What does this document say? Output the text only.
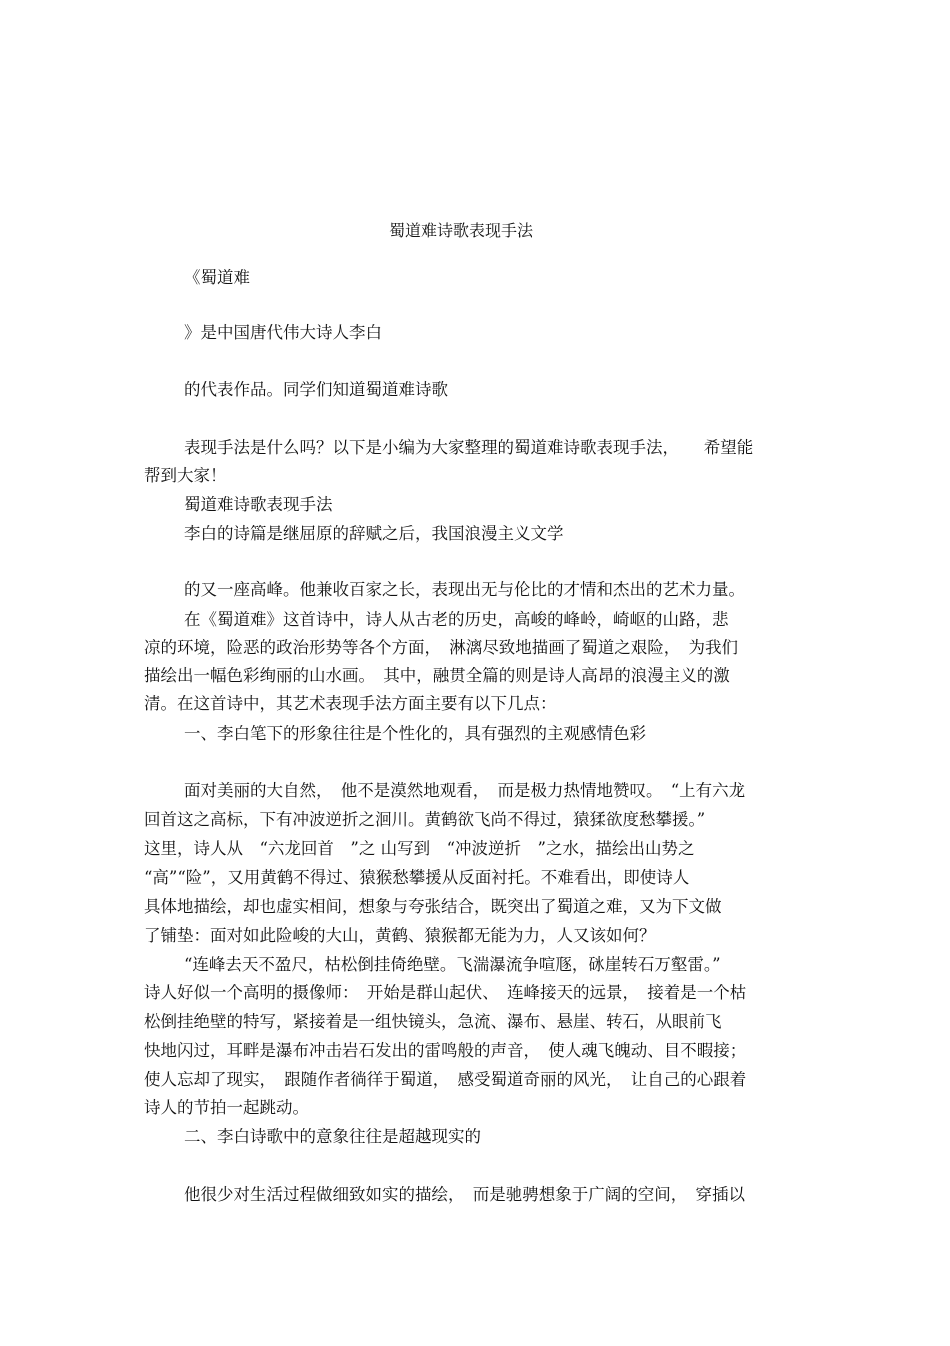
蜀道难诗歌表现手法
《蜀道难
》是中国唐代伟大诗人李白
的代表作品。同学们知道蜀道难诗歌
表现手法是什么吗？以下是小编为大家整理的蜀道难诗歌表现手法，　　希望能
帮到大家！
蜀道难诗歌表现手法
李白的诗篇是继屈原的辞赋之后，我国浪漫主义文学
的又一座高峰。他兼收百家之长，表现出无与伦比的才情和杰出的艺术力量。
在《蜀道难》这首诗中，诗人从古老的历史，高峻的峰岭，崎岖的山路，悲
凉的环境，险恶的政治形势等各个方面，　淋漓尽致地描画了蜀道之艰险，　为我们
描绘出一幅色彩绚丽的山水画。　其中，融贯全篇的则是诗人高昂的浪漫主义的激
清。在这首诗中，其艺术表现手法方面主要有以下几点：
一、李白笔下的形象往往是个性化的，具有强烈的主观感情色彩
面对美丽的大自然，　他不是漠然地观看，　而是极力热情地赞叹。　“上有六龙
回首这之高标，下有冲波逆折之洄川。黄鹤欲飞尚不得过，猿猱欲度愁攀援。”
这里，诗人从　“六龙回首　”之 山写到　“冲波逆折　”之水，描绘出山势之
“高”“险”，又用黄鹤不得过、猿猴愁攀援从反面衬托。不难看出，即使诗人
具体地描绘，却也虚实相间，想象与夸张结合，既突出了蜀道之难，又为下文做
了铺垫：面对如此险峻的大山，黄鹤、猿猴都无能为力，人又该如何？
“连峰去天不盈尺，枯松倒挂倚绝壁。飞湍瀑流争喧豗，砯崖转石万壑雷。”
诗人好似一个高明的摄像师：　开始是群山起伏、　连峰接天的远景，　接着是一个枯
松倒挂绝壁的特写，紧接着是一组快镜头，急流、瀑布、悬崖、转石，从眼前飞
快地闪过，耳畔是瀑布冲击岩石发出的雷鸣般的声音，　使人魂飞魄动、目不暇接；
使人忘却了现实，　跟随作者徜徉于蜀道，　感受蜀道奇丽的风光，　让自己的心跟着
诗人的节拍一起跳动。
二、李白诗歌中的意象往往是超越现实的
他很少对生活过程做细致如实的描绘，　而是驰骋想象于广阔的空间，　穿插以
